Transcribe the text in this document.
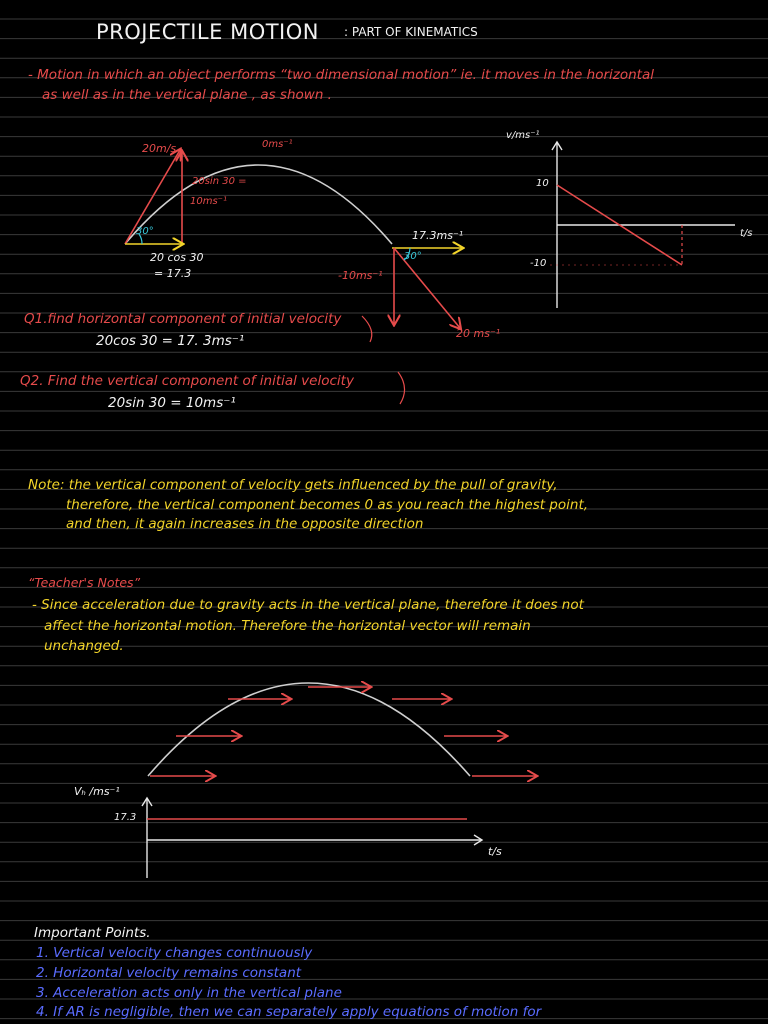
PROJECTILE MOTION : PART OF KINEMATICS
- Motion in which an object performs “two dimensional motion” ie. it moves in the horizontal
as well as in the vertical plane , as shown .
20m/s	0ms⁻¹
20sin 30 =
10ms⁻¹
30°
20 cos 30
= 17.3
17.3ms⁻¹
30°
-10ms⁻¹
20 ms⁻¹
v/ms⁻¹
t/s
10
-10
Q1.find horizontal component of initial velocity
20cos 30 = 17. 3ms⁻¹
Q2. Find the vertical component of initial velocity
20sin 30 = 10ms⁻¹
Note: the vertical component of velocity gets influenced by the pull of gravity,
therefore, the vertical component becomes 0 as you reach the highest point,
and then, it again increases in the opposite direction
“Teacher's Notes”
- Since acceleration due to gravity acts in the vertical plane, therefore it does not
affect the horizontal motion. Therefore the horizontal vector will remain
unchanged.
Vₕ /ms⁻¹
17.3
t/s
Important Points.
1. Vertical velocity changes continuously
2. Horizontal velocity remains constant
3. Acceleration acts only in the vertical plane
4. If AR is negligible, then we can separately apply equations of motion for
